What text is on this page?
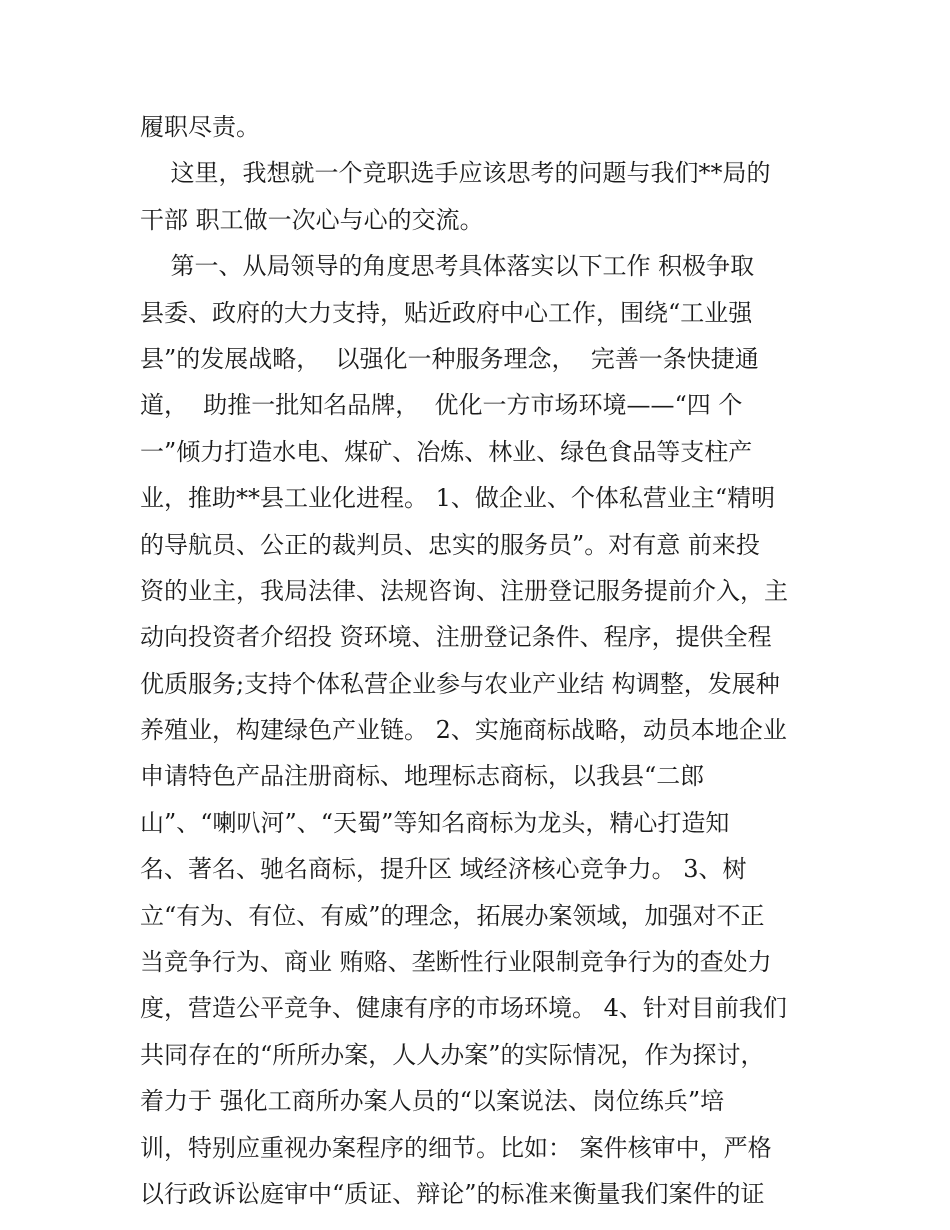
履职尽责。
这里，我想就一个竞职选手应该思考的问题与我们**局的
干部 职工做一次心与心的交流。
第一、从局领导的角度思考具体落实以下工作 积极争取
县委、政府的大力支持，贴近政府中心工作，围绕“工业强
县”的发展战略，  以强化一种服务理念，  完善一条快捷通
道，  助推一批知名品牌，  优化一方市场环境——“四 个
一”倾力打造水电、煤矿、冶炼、林业、绿色食品等支柱产
业，推助**县工业化进程。 1、做企业、个体私营业主“精明
的导航员、公正的裁判员、忠实的服务员”。对有意 前来投
资的业主，我局法律、法规咨询、注册登记服务提前介入，主
动向投资者介绍投 资环境、注册登记条件、程序，提供全程
优质服务;支持个体私营企业参与农业产业结 构调整，发展种
养殖业，构建绿色产业链。 2、实施商标战略，动员本地企业
申请特色产品注册商标、地理标志商标，以我县“二郎
山”、“喇叭河”、“天蜀”等知名商标为龙头，精心打造知
名、著名、驰名商标，提升区 域经济核心竞争力。 3、树
立“有为、有位、有威”的理念，拓展办案领域，加强对不正
当竞争行为、商业 贿赂、垄断性行业限制竞争行为的查处力
度，营造公平竞争、健康有序的市场环境。 4、针对目前我们
共同存在的“所所办案，人人办案”的实际情况，作为探讨，
着力于 强化工商所办案人员的“以案说法、岗位练兵”培
训，特别应重视办案程序的细节。比如： 案件核审中，严格
以行政诉讼庭审中“质证、辩论”的标准来衡量我们案件的证
